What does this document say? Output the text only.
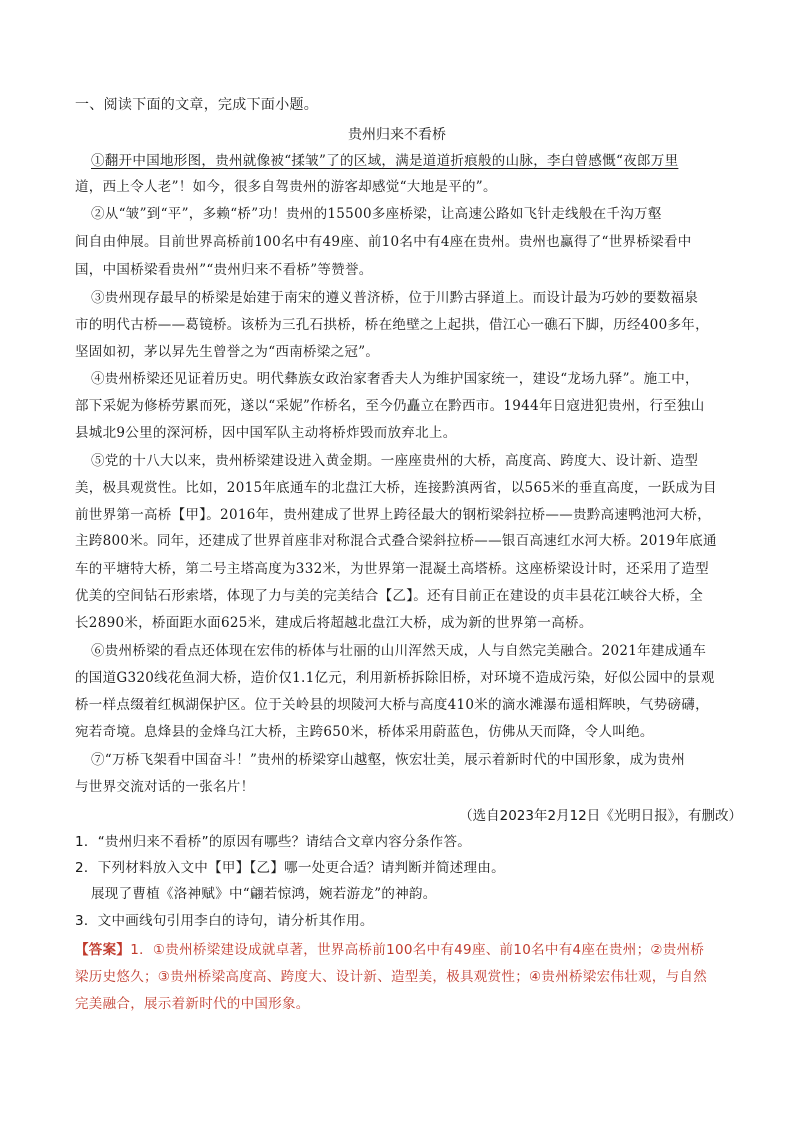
一、阅读下面的文章，完成下面小题。
贵州归来不看桥
①翻开中国地形图，贵州就像被“揉皱”了的区域，满是道道折痕般的山脉，李白曾感慨“夜郎万里
道，西上令人老”！如今，很多自驾贵州的游客却感觉“大地是平的”。
②从“皱”到“平”，多赖“桥”功！贵州的15500多座桥梁，让高速公路如飞针走线般在千沟万壑
间自由伸展。目前世界高桥前100名中有49座、前10名中有4座在贵州。贵州也赢得了“世界桥梁看中
国，中国桥梁看贵州”“贵州归来不看桥”等赞誉。
③贵州现存最早的桥梁是始建于南宋的遵义普济桥，位于川黔古驿道上。而设计最为巧妙的要数福泉
市的明代古桥——葛镜桥。该桥为三孔石拱桥，桥在绝壁之上起拱，借江心一礁石下脚，历经400多年，
坚固如初，茅以昇先生曾誉之为“西南桥梁之冠”。
④贵州桥梁还见证着历史。明代彝族女政治家奢香夫人为维护国家统一，建设“龙场九驿”。施工中，
部下采妮为修桥劳累而死，遂以“采妮”作桥名，至今仍矗立在黔西市。1944年日寇进犯贵州，行至独山
县城北9公里的深河桥，因中国军队主动将桥炸毁而放弃北上。
⑤党的十八大以来，贵州桥梁建设进入黄金期。一座座贵州的大桥，高度高、跨度大、设计新、造型
美，极具观赏性。比如，2015年底通车的北盘江大桥，连接黔滇两省，以565米的垂直高度，一跃成为目
前世界第一高桥【甲】。2016年，贵州建成了世界上跨径最大的钢桁梁斜拉桥——贵黔高速鸭池河大桥，
主跨800米。同年，还建成了世界首座非对称混合式叠合梁斜拉桥——银百高速红水河大桥。2019年底通
车的平塘特大桥，第二号主塔高度为332米，为世界第一混凝土高塔桥。这座桥梁设计时，还采用了造型
优美的空间钻石形索塔，体现了力与美的完美结合【乙】。还有目前正在建设的贞丰县花江峡谷大桥，全
长2890米，桥面距水面625米，建成后将超越北盘江大桥，成为新的世界第一高桥。
⑥贵州桥梁的看点还体现在宏伟的桥体与壮丽的山川浑然天成，人与自然完美融合。2021年建成通车
的国道G320线花鱼洞大桥，造价仅1.1亿元，利用新桥拆除旧桥，对环境不造成污染，好似公园中的景观
桥一样点缀着红枫湖保护区。位于关岭县的坝陵河大桥与高度410米的滴水滩瀑布遥相辉映，气势磅礴，
宛若奇境。息烽县的金烽乌江大桥，主跨650米，桥体采用蔚蓝色，仿佛从天而降，令人叫绝。
⑦“万桥飞架看中国奋斗！”贵州的桥梁穿山越壑，恢宏壮美，展示着新时代的中国形象，成为贵州
与世界交流对话的一张名片！
（选自2023年2月12日《光明日报》，有删改）
1．“贵州归来不看桥”的原因有哪些？请结合文章内容分条作答。
2．下列材料放入文中【甲】【乙】哪一处更合适？请判断并简述理由。
展现了曹植《洛神赋》中“翩若惊鸿，婉若游龙”的神韵。
3．文中画线句引用李白的诗句，请分析其作用。
【答案】1．①贵州桥梁建设成就卓著，世界高桥前100名中有49座、前10名中有4座在贵州；②贵州桥
梁历史悠久；③贵州桥梁高度高、跨度大、设计新、造型美，极具观赏性；④贵州桥梁宏伟壮观，与自然
完美融合，展示着新时代的中国形象。
